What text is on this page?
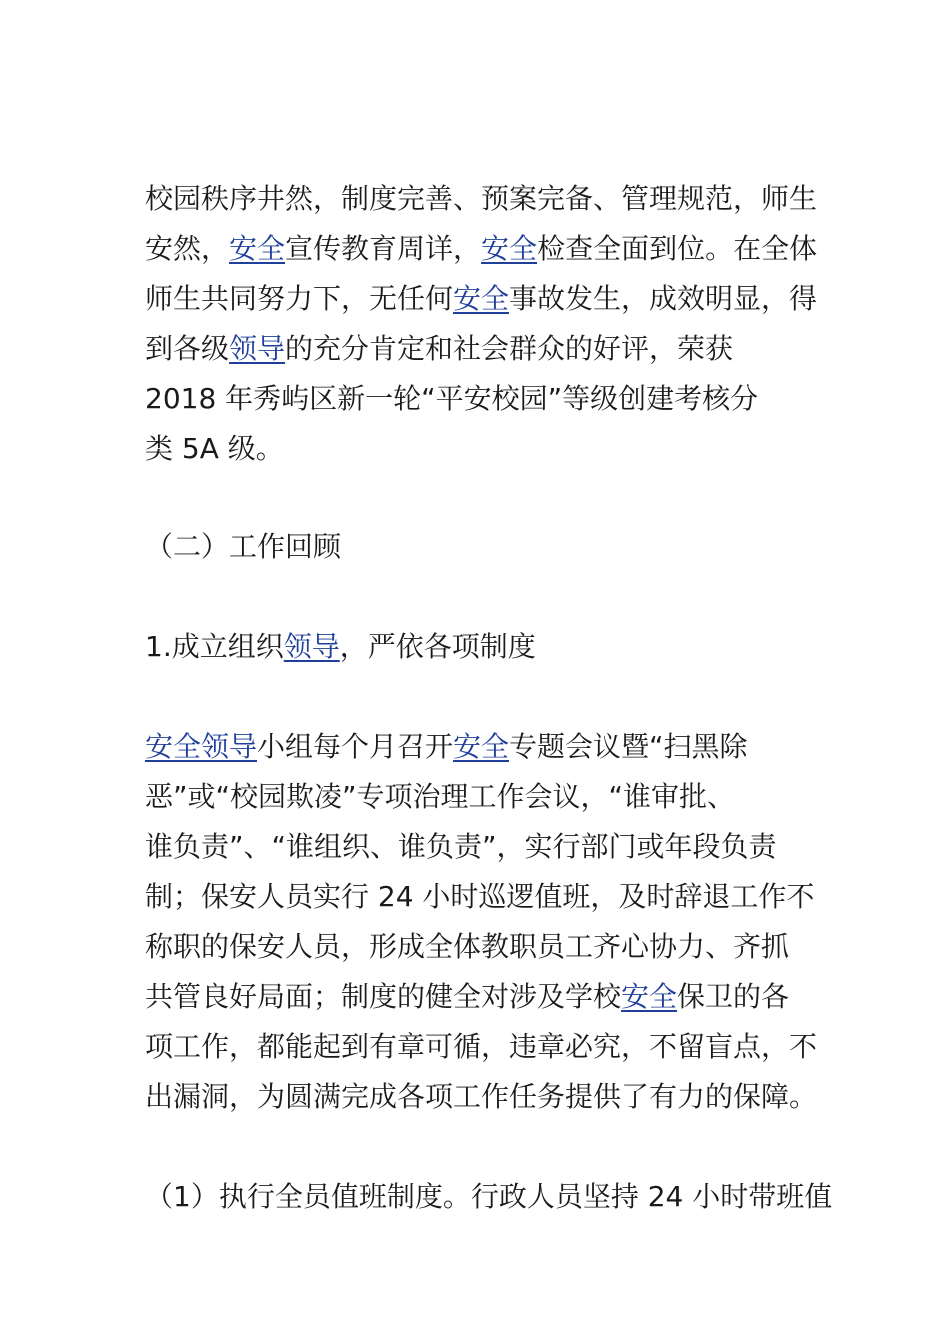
校园秩序井然，制度完善、预案完备、管理规范，师生
安然，安全宣传教育周详，安全检查全面到位。在全体
师生共同努力下，无任何安全事故发生，成效明显，得
到各级领导的充分肯定和社会群众的好评，荣获
2018 年秀屿区新一轮“平安校园”等级创建考核分
类 5A 级。
（二）工作回顾
1.成立组织领导，严依各项制度
安全领导小组每个月召开安全专题会议暨“扫黑除
恶”或“校园欺凌”专项治理工作会议，“谁审批、
谁负责”、“谁组织、谁负责”，实行部门或年段负责
制；保安人员实行 24 小时巡逻值班，及时辞退工作不
称职的保安人员，形成全体教职员工齐心协力、齐抓
共管良好局面；制度的健全对涉及学校安全保卫的各
项工作，都能起到有章可循，违章必究，不留盲点，不
出漏洞，为圆满完成各项工作任务提供了有力的保障。
（1）执行全员值班制度。行政人员坚持 24 小时带班值
